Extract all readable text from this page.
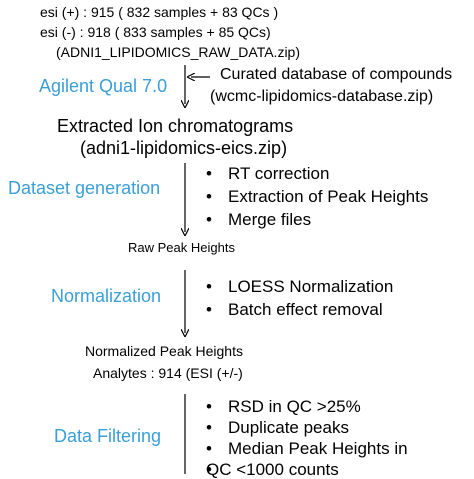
esi (+) : 915 ( 832 samples + 83 QCs )
esi (-) : 918 ( 833 samples + 85 QCs)
(ADNI1_LIPIDOMICS_RAW_DATA.zip)
Agilent Qual 7.0
Curated database of compounds
(wcmc-lipidomics-database.zip)
Extracted Ion chromatograms
(adni1-lipidomics-eics.zip)
Dataset generation
• RT correction
• Extraction of Peak Heights
• Merge files
Raw Peak Heights
Normalization
•	LOESS Normalization
• Batch effect removal
Normalized Peak Heights
Analytes : 914 (ESI (+/-)
Data Filtering
• RSD in QC >25%
• Duplicate peaks
• Median Peak Heights in
• QC <1000 counts
